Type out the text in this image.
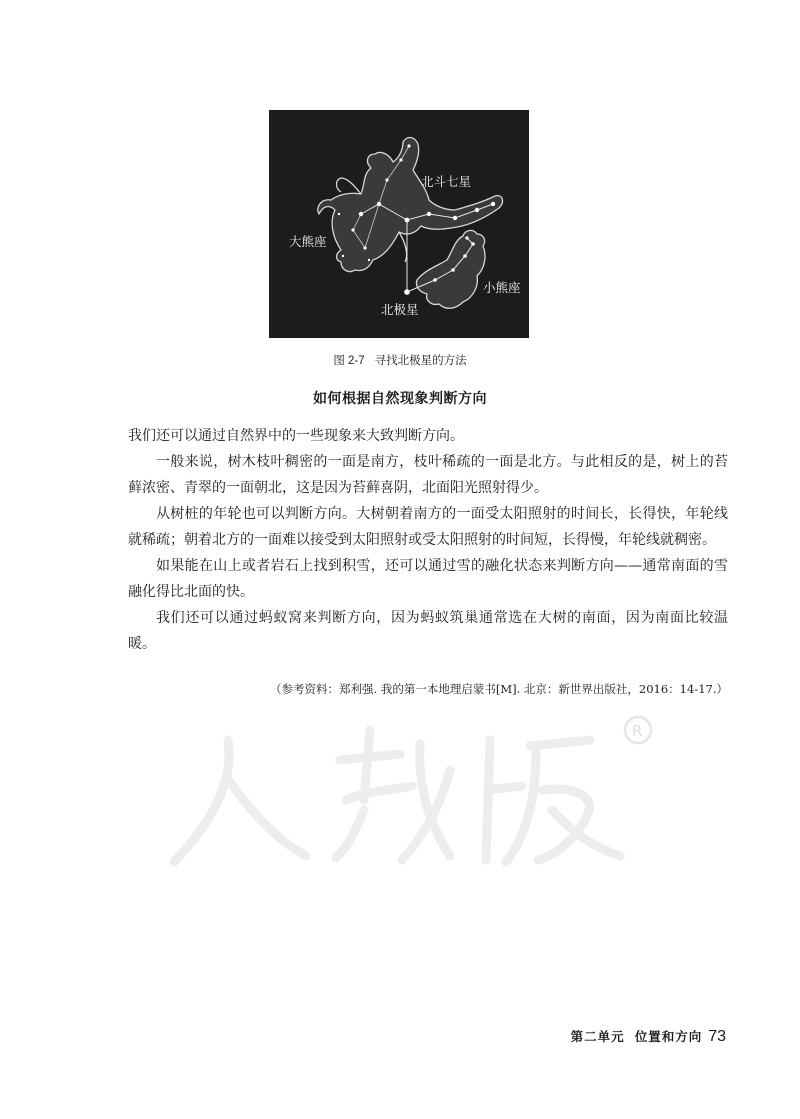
北斗七星
大熊座
小熊座
北极星
图 2-7 寻找北极星的方法
如何根据自然现象判断方向

我们还可以通过自然界中的一些现象来大致判断方向。

一般来说，树木枝叶稠密的一面是南方，枝叶稀疏的一面是北方。与此相反的是，树上的苔藓浓密、青翠的一面朝北，这是因为苔藓喜阴，北面阳光照射得少。

从树桩的年轮也可以判断方向。大树朝着南方的一面受太阳照射的时间长，长得快，年轮线就稀疏；朝着北方的一面难以接受到太阳照射或受太阳照射的时间短，长得慢，年轮线就稠密。

如果能在山上或者岩石上找到积雪，还可以通过雪的融化状态来判断方向——通常南面的雪融化得比北面的快。

我们还可以通过蚂蚁窝来判断方向，因为蚂蚁筑巢通常选在大树的南面，因为南面比较温暖。

（参考资料：郑利强. 我的第一本地理启蒙书[M]. 北京：新世界出版社，2016：14-17.）
R
第二单元 位置和方向 73
